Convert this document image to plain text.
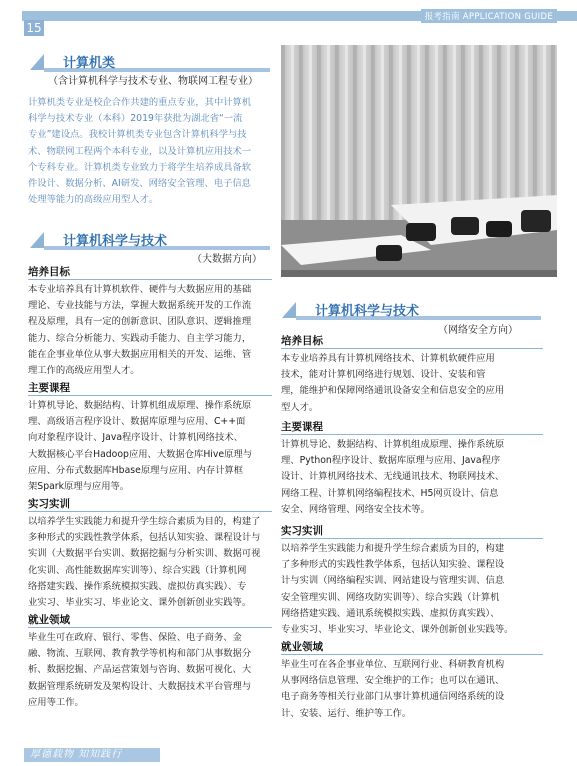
报考指南 APPLICATION GUIDE
15
计算机类
（含计算机科学与技术专业、物联网工程专业）
计算机类专业是校企合作共建的重点专业，其中计算机
科学与技术专业（本科）2019年获批为湖北省“一流
专业”建设点。我校计算机类专业包含计算机科学与技
术、物联网工程两个本科专业，以及计算机应用技术一
个专科专业。计算机类专业致力于将学生培养成具备软
件设计、数据分析、AI研发、网络安全管理、电子信息
处理等能力的高级应用型人才。
计算机科学与技术
（大数据方向）
培养目标
本专业培养具有计算机软件、硬件与大数据应用的基础
理论、专业技能与方法，掌握大数据系统开发的工作流
程及原理，具有一定的创新意识、团队意识、逻辑推理
能力、综合分析能力、实践动手能力、自主学习能力，
能在企事业单位从事大数据应用相关的开发、运维、管
理工作的高级应用型人才。
主要课程
计算机导论、数据结构、计算机组成原理、操作系统原
理、高级语言程序设计、数据库原理与应用、C++面
向对象程序设计、Java程序设计、计算机网络技术、
大数据核心平台Hadoop应用、大数据仓库Hive原理与
应用、分布式数据库Hbase原理与应用、内存计算框
架Spark原理与应用等。
实习实训
以培养学生实践能力和提升学生综合素质为目的，构建了
多种形式的实践性教学体系，包括认知实验、课程设计与
实训（大数据平台实训、数据挖掘与分析实训、数据可视
化实训、高性能数据库实训等）、综合实践（计算机网
络搭建实践、操作系统模拟实践、虚拟仿真实践）、专
业实习、毕业实习、毕业论文、课外创新创业实践等。
就业领域
毕业生可在政府、银行、零售、保险、电子商务、金
融、物流、互联网、教育教学等机构和部门从事数据分
析、数据挖掘、产品运营策划与咨询、数据可视化、大
数据管理系统研发及架构设计、大数据技术平台管理与
应用等工作。
计算机科学与技术
（网络安全方向）
培养目标
本专业培养具有计算机网络技术、计算机软硬件应用
技术，能对计算机网络进行规划、设计、安装和管
理，能维护和保障网络通讯设备安全和信息安全的应用
型人才。
主要课程
计算机导论、数据结构、计算机组成原理、操作系统原
理、Python程序设计、数据库原理与应用、Java程序
设计、计算机网络技术、无线通讯技术、物联网技术、
网络工程、计算机网络编程技术、H5网页设计、信息
安全、网络管理、网络安全技术等。
实习实训
以培养学生实践能力和提升学生综合素质为目的，构建
了多种形式的实践性教学体系，包括认知实验、课程设
计与实训（网络编程实训、网站建设与管理实训、信息
安全管理实训、网络攻防实训等）、综合实践（计算机
网络搭建实践、通讯系统模拟实践、虚拟仿真实践）、
专业实习、毕业实习、毕业论文、课外创新创业实践等。
就业领域
毕业生可在各企事业单位、互联网行业、科研教育机构
从事网络信息管理、安全维护的工作；也可以在通讯、
电子商务等相关行业部门从事计算机通信网络系统的设
计、安装、运行、维护等工作。
厚德载物 知知践行
